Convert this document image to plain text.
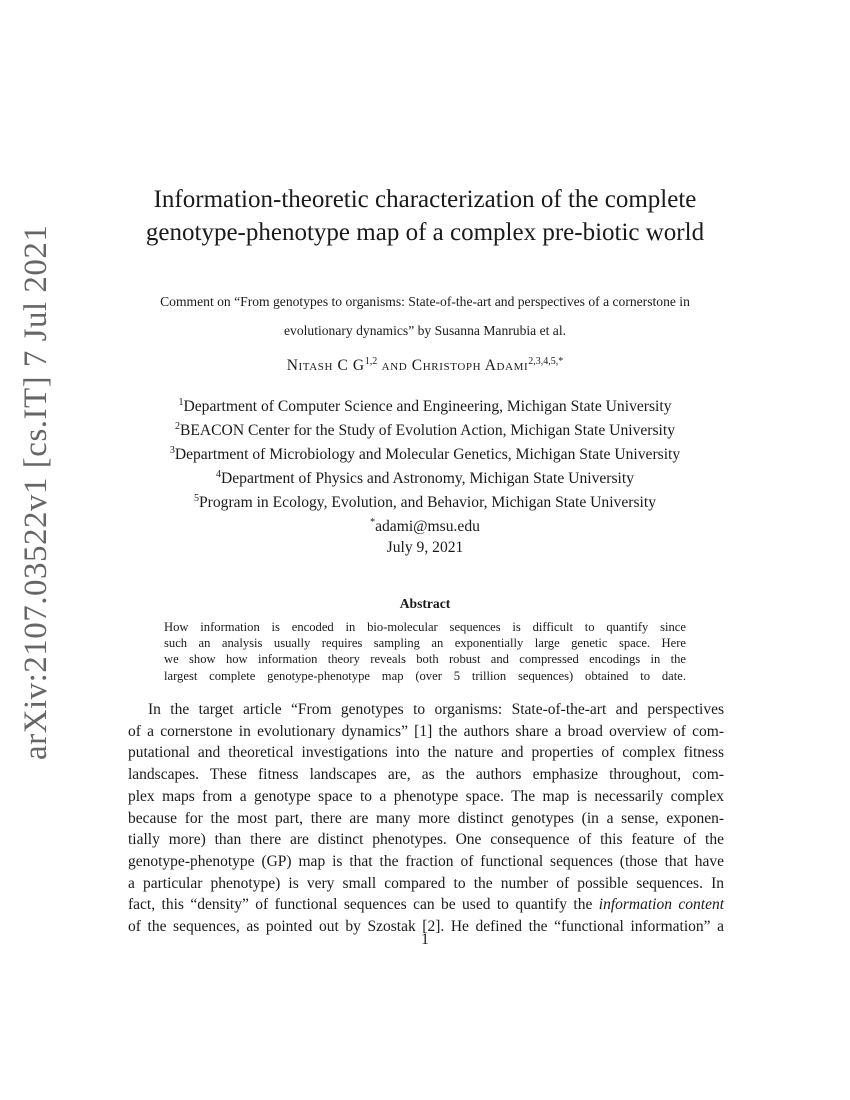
arXiv:2107.03522v1 [cs.IT] 7 Jul 2021
Information-theoretic characterization of the complete
genotype-phenotype map of a complex pre-biotic world
Comment on “From genotypes to organisms: State-of-the-art and perspectives of a cornerstone in
evolutionary dynamics” by Susanna Manrubia et al.
Nitash C G$^{1,2}$ and Christoph Adami$^{2,3,4,5,*}$
$^1$Department of Computer Science and Engineering, Michigan State University
$^2$BEACON Center for the Study of Evolution Action, Michigan State University
$^3$Department of Microbiology and Molecular Genetics, Michigan State University
$^4$Department of Physics and Astronomy, Michigan State University
$^5$Program in Ecology, Evolution, and Behavior, Michigan State University
*adami@msu.edu
July 9, 2021
Abstract
How information is encoded in bio-molecular sequences is difficult to quantify since
such an analysis usually requires sampling an exponentially large genetic space. Here
we show how information theory reveals both robust and compressed encodings in the
largest complete genotype-phenotype map (over 5 trillion sequences) obtained to date.
In the target article “From genotypes to organisms: State-of-the-art and perspectives
of a cornerstone in evolutionary dynamics” [1] the authors share a broad overview of com-
putational and theoretical investigations into the nature and properties of complex fitness
landscapes. These fitness landscapes are, as the authors emphasize throughout, com-
plex maps from a genotype space to a phenotype space. The map is necessarily complex
because for the most part, there are many more distinct genotypes (in a sense, exponen-
tially more) than there are distinct phenotypes. One consequence of this feature of the
genotype-phenotype (GP) map is that the fraction of functional sequences (those that have
a particular phenotype) is very small compared to the number of possible sequences. In
fact, this “density” of functional sequences can be used to quantify the information content
of the sequences, as pointed out by Szostak [2]. He defined the “functional information” a
1
